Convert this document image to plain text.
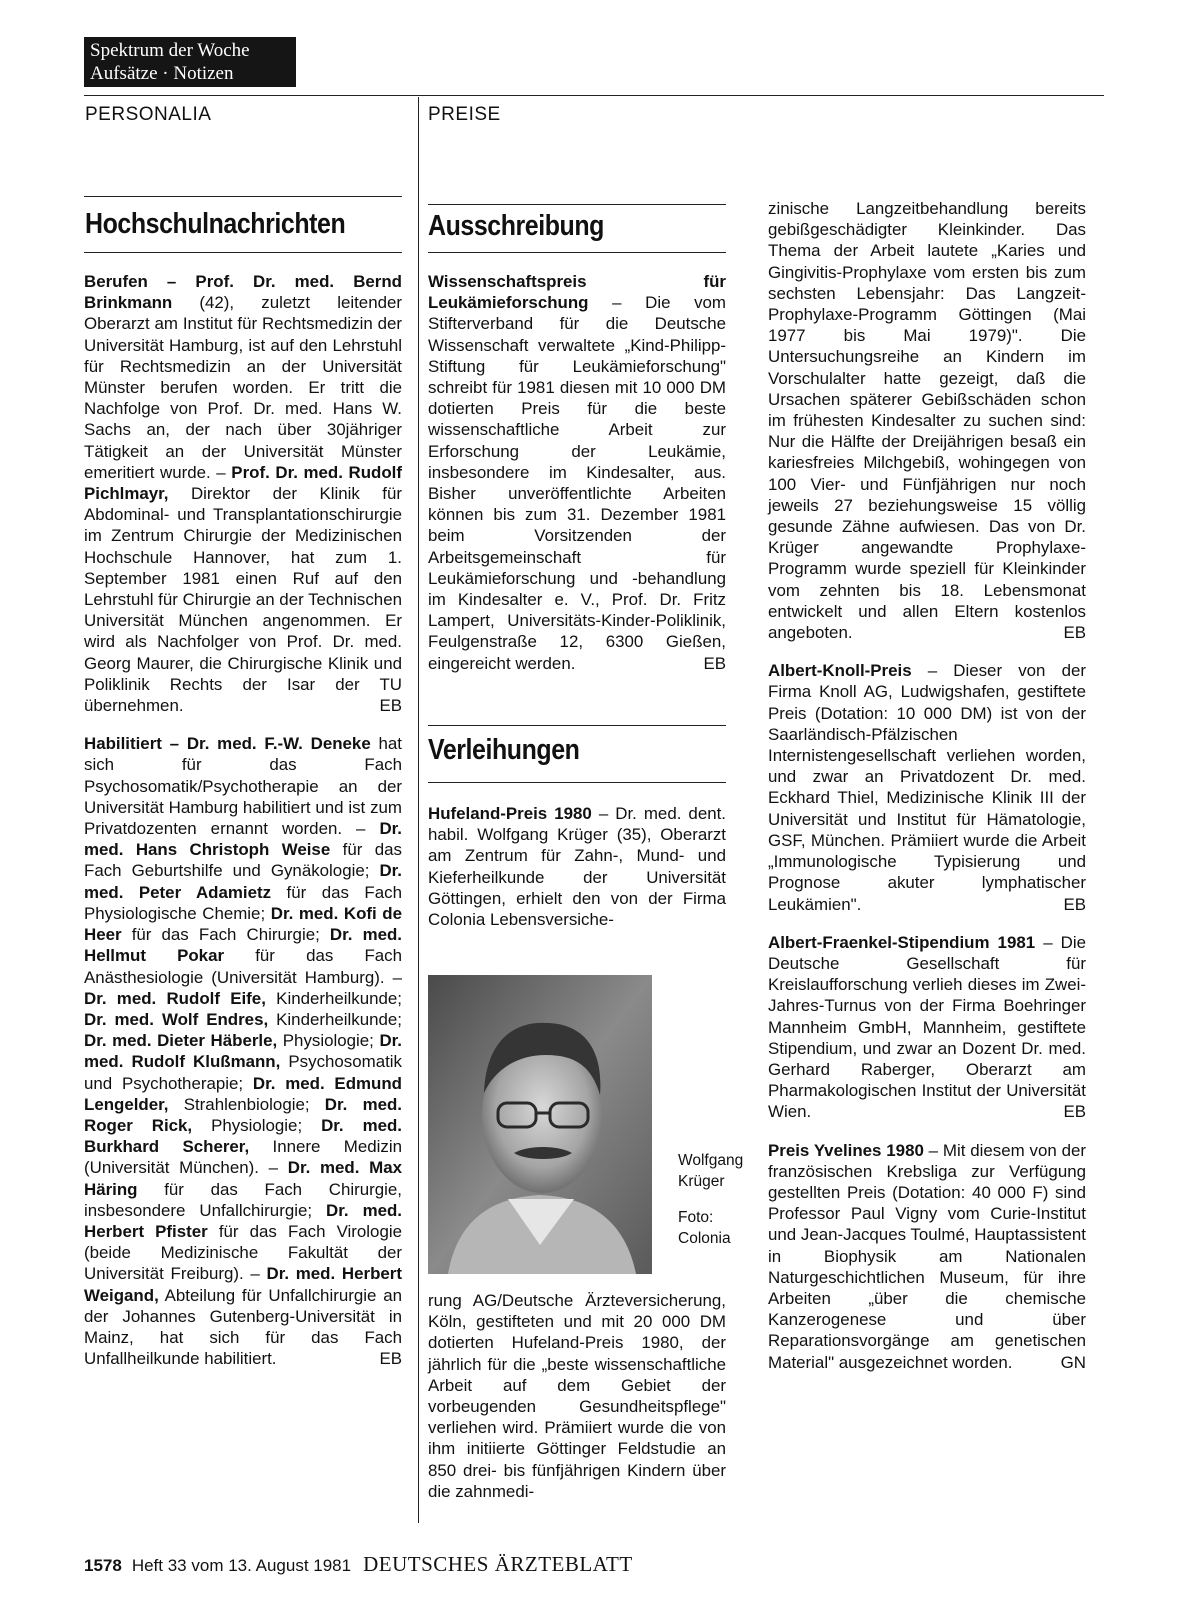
Spektrum der Woche
Aufsätze · Notizen
PERSONALIA	PREISE
Hochschulnachrichten

Berufen – Prof. Dr. med. Bernd Brinkmann (42), zuletzt leitender Oberarzt am Institut für Rechtsmedizin der Universität Hamburg, ist auf den Lehrstuhl für Rechtsmedizin an der Universität Münster berufen worden. Er tritt die Nachfolge von Prof. Dr. med. Hans W. Sachs an, der nach über 30jähriger Tätigkeit an der Universität Münster emeritiert wurde. – Prof. Dr. med. Rudolf Pichlmayr, Direktor der Klinik für Abdominal- und Transplantationschirurgie im Zentrum Chirurgie der Medizinischen Hochschule Hannover, hat zum 1. September 1981 einen Ruf auf den Lehrstuhl für Chirurgie an der Technischen Universität München angenommen. Er wird als Nachfolger von Prof. Dr. med. Georg Maurer, die Chirurgische Klinik und Poliklinik Rechts der Isar der TU übernehmen.	EB

Habilitiert – Dr. med. F.-W. Deneke hat sich für das Fach Psychosomatik/Psychotherapie an der Universität Hamburg habilitiert und ist zum Privatdozenten ernannt worden. – Dr. med. Hans Christoph Weise für das Fach Geburtshilfe und Gynäkologie; Dr. med. Peter Adamietz für das Fach Physiologische Chemie; Dr. med. Kofi de Heer für das Fach Chirurgie; Dr. med. Hellmut Pokar für das Fach Anästhesiologie (Universität Hamburg). – Dr. med. Rudolf Eife, Kinderheilkunde; Dr. med. Wolf Endres, Kinderheilkunde; Dr. med. Dieter Häberle, Physiologie; Dr. med. Rudolf Klußmann, Psychosomatik und Psychotherapie; Dr. med. Edmund Lengelder, Strahlenbiologie; Dr. med. Roger Rick, Physiologie; Dr. med. Burkhard Scherer, Innere Medizin (Universität München). – Dr. med. Max Häring für das Fach Chirurgie, insbesondere Unfallchirurgie; Dr. med. Herbert Pfister für das Fach Virologie (beide Medizinische Fakultät der Universität Freiburg). – Dr. med. Herbert Weigand, Abteilung für Unfallchirurgie an der Johannes Gutenberg-Universität in Mainz, hat sich für das Fach Unfallheilkunde habilitiert.	EB

Ausschreibung

Wissenschaftspreis für Leukämieforschung – Die vom Stifterverband für die Deutsche Wissenschaft verwaltete „Kind-Philipp-Stiftung für Leukämieforschung" schreibt für 1981 diesen mit 10 000 DM dotierten Preis für die beste wissenschaftliche Arbeit zur Erforschung der Leukämie, insbesondere im Kindesalter, aus. Bisher unveröffentlichte Arbeiten können bis zum 31. Dezember 1981 beim Vorsitzenden der Arbeitsgemeinschaft für Leukämieforschung und -behandlung im Kindesalter e. V., Prof. Dr. Fritz Lampert, Universitäts-Kinder-Poliklinik, Feulgenstraße 12, 6300 Gießen, eingereicht werden.	EB

Verleihungen
Hufeland-Preis 1980 – Dr. med. dent. habil. Wolfgang Krüger (35), Oberarzt am Zentrum für Zahn-, Mund- und Kieferheilkunde der Universität Göttingen, erhielt den von der Firma Colonia Lebensversiche-
Wolfgang Krüger
Foto: Colonia
rung AG/Deutsche Ärzteversicherung, Köln, gestifteten und mit 20 000 DM dotierten Hufeland-Preis 1980, der jährlich für die „beste wissenschaftliche Arbeit auf dem Gebiet der vorbeugenden Gesundheitspflege" verliehen wird. Prämiiert wurde die von ihm initiierte Göttinger Feldstudie an 850 drei- bis fünfjährigen Kindern über die zahnmedi-

zinische Langzeitbehandlung bereits gebißgeschädigter Kleinkinder. Das Thema der Arbeit lautete „Karies und Gingivitis-Prophylaxe vom ersten bis zum sechsten Lebensjahr: Das Langzeit-Prophylaxe-Programm Göttingen (Mai 1977 bis Mai 1979)". Die Untersuchungsreihe an Kindern im Vorschulalter hatte gezeigt, daß die Ursachen späterer Gebißschäden schon im frühesten Kindesalter zu suchen sind: Nur die Hälfte der Dreijährigen besaß ein kariesfreies Milchgebiß, wohingegen von 100 Vier- und Fünfjährigen nur noch jeweils 27 beziehungsweise 15 völlig gesunde Zähne aufwiesen. Das von Dr. Krüger angewandte Prophylaxe-Programm wurde speziell für Kleinkinder vom zehnten bis 18. Lebensmonat entwickelt und allen Eltern kostenlos angeboten.	EB

Albert-Knoll-Preis – Dieser von der Firma Knoll AG, Ludwigshafen, gestiftete Preis (Dotation: 10 000 DM) ist von der Saarländisch-Pfälzischen Internistengesellschaft verliehen worden, und zwar an Privatdozent Dr. med. Eckhard Thiel, Medizinische Klinik III der Universität und Institut für Hämatologie, GSF, München. Prämiiert wurde die Arbeit „Immunologische Typisierung und Prognose akuter lymphatischer Leukämien".	EB

Albert-Fraenkel-Stipendium 1981 – Die Deutsche Gesellschaft für Kreislaufforschung verlieh dieses im Zwei-Jahres-Turnus von der Firma Boehringer Mannheim GmbH, Mannheim, gestiftete Stipendium, und zwar an Dozent Dr. med. Gerhard Raberger, Oberarzt am Pharmakologischen Institut der Universität Wien.	EB

Preis Yvelines 1980 – Mit diesem von der französischen Krebsliga zur Verfügung gestellten Preis (Dotation: 40 000 F) sind Professor Paul Vigny vom Curie-Institut und Jean-Jacques Toulmé, Hauptassistent in Biophysik am Nationalen Naturgeschichtlichen Museum, für ihre Arbeiten „über die chemische Kanzerogenese und über Reparationsvorgänge am genetischen Material" ausgezeichnet worden.	GN

1578 Heft 33 vom 13. August 1981 DEUTSCHES ÄRZTEBLATT
